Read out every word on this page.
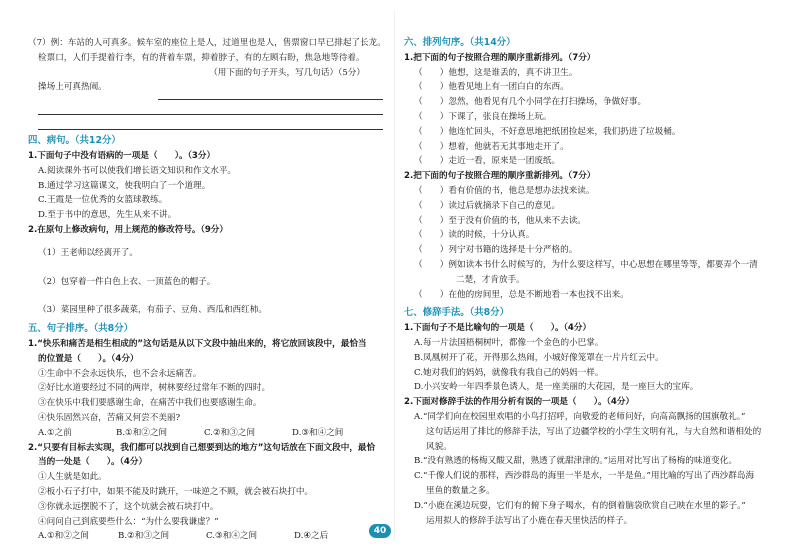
（7）例：车站的人可真多。候车室的座位上是人，过道里也是人，售票窗口早已排起了长龙。
检票口，人们手提着行李，有的背着车票，抑着脖子，有的左顾右盼，焦急地等待着。
（用下面的句子开头，写几句话）（5分）
操场上可真热闹。
四、病句。（共12分）
1.下面句子中没有语病的一项是（　　）。（3分）
A.阅读课外书可以使我们增长语文知识和作文水平。
B.通过学习这篇课文，使我明白了一个道理。
C.王霞是一位优秀的女篮球教练。
D.至于书中的意思，先生从来不讲。
2.在原句上修改病句，用上规范的修改符号。（9分）
（1）王老师以经离开了。
（2）包穿着一件白色上衣、一顶蓝色的帽子。
（3）菜园里种了很多蔬菜，有茄子、豆角、西瓜和西红柿。
五、句子排序。（共8分）
1.“快乐和痛苦是相生相成的”这句话是从以下文段中抽出来的，将它放回该段中，最恰当
的位置是（　　）。（4分）
①生命中不会永远快乐，也不会永远痛苦。
②好比水道要经过不同的两岸，树林要经过常年不断的四时。
③在快乐中我们要感谢生命，在痛苦中我们也要感谢生命。
④快乐固然兴奋，苦痛又何尝不美丽?
A.①之前	B.①和②之间	C.②和③之间	D.③和④之间
2.“只要有目标去实现，我们都可以找到自己想要到达的地方”这句话放在下面文段中，最恰
当的一处是（　　）。（4分）
①人生就是如此。
②板小石子打中，如果不能及时跳开，一味逆之不顾，就会被石块打中。
③你就永远摆脱不了，这个坑就会被石块打中。
④问问自己到底要些什么：“为什么要我谦虚？”
A.①和②之间	B.②和③之间	C.③和④之间	D.④之后
六、排列句序。（共14分）
1.把下面的句子按照合理的顺序重新排列。（7分）
（　　）他想，这是谁丢的，真不讲卫生。
（　　）他看见地上有一团白白的东西。
（　　）忽然，他看见有几个小同学在打扫操场，争做好事。
（　　）下课了，张良在操场上玩。
（　　）他连忙回头，不好意思地把纸团捡起来，我们扔进了垃圾桶。
（　　）想着，他就若无其事地走开了。
（　　）走近一看，原来是一团废纸。
2.把下面的句子按照合理的顺序重新排列。（7分）
（　　）看有价值的书，他总是想办法找来读。
（　　）读过后就摘录下自己的意见。
（　　）至于没有价值的书，他从来不去读。
（　　）读的时候，十分认真。
（　　）列宁对书籍的选择是十分严格的。
（　　）例如读本书什么时候写的，为什么要这样写，中心思想在哪里等等，都要弄个一清
二楚，才肯放手。
（　　）在他的房间里，总是不断地看一本也找不出来。
七、修辞手法。（共8分）
1.下面句子不是比喻句的一项是（　　）。（4分）
A.每一片法国梧桐树叶，都像一个金色的小巴掌。
B.凤凰树开了花，开得那么热闹，小城好像笼罩在一片片红云中。
C.她对我们的妈妈，就像我有我自己的妈妈一样。
D.小兴安岭一年四季景色诱人，是一座美丽的大花园，是一座巨大的宝库。
2.下面对修辞手法的作用分析有误的一项是（　　）。（4分）
A.“同学们向在校园里欢唱的小鸟打招呼，向敬爱的老师问好，向高高飘扬的国旗敬礼。”
这句话运用了排比的修辞手法，写出了边疆学校的小学生文明有礼，与大自然和谐相处的
风貌。
B.“没有熟透的杨梅又酸又甜，熟透了就甜津津的。”运用对比写出了杨梅的味道变化。
C.“千像人们说的那样，西沙群岛的海里一半是水，一半是鱼。”用比喻的写出了西沙群岛海
里鱼的数量之多。
D.“小鹿在溪边玩耍，它们有的俯下身子喝水，有的倒着脑袋欣赏自己映在水里的影子。”
运用拟人的修辞手法写出了小鹿在春天里快活的样子。
40
